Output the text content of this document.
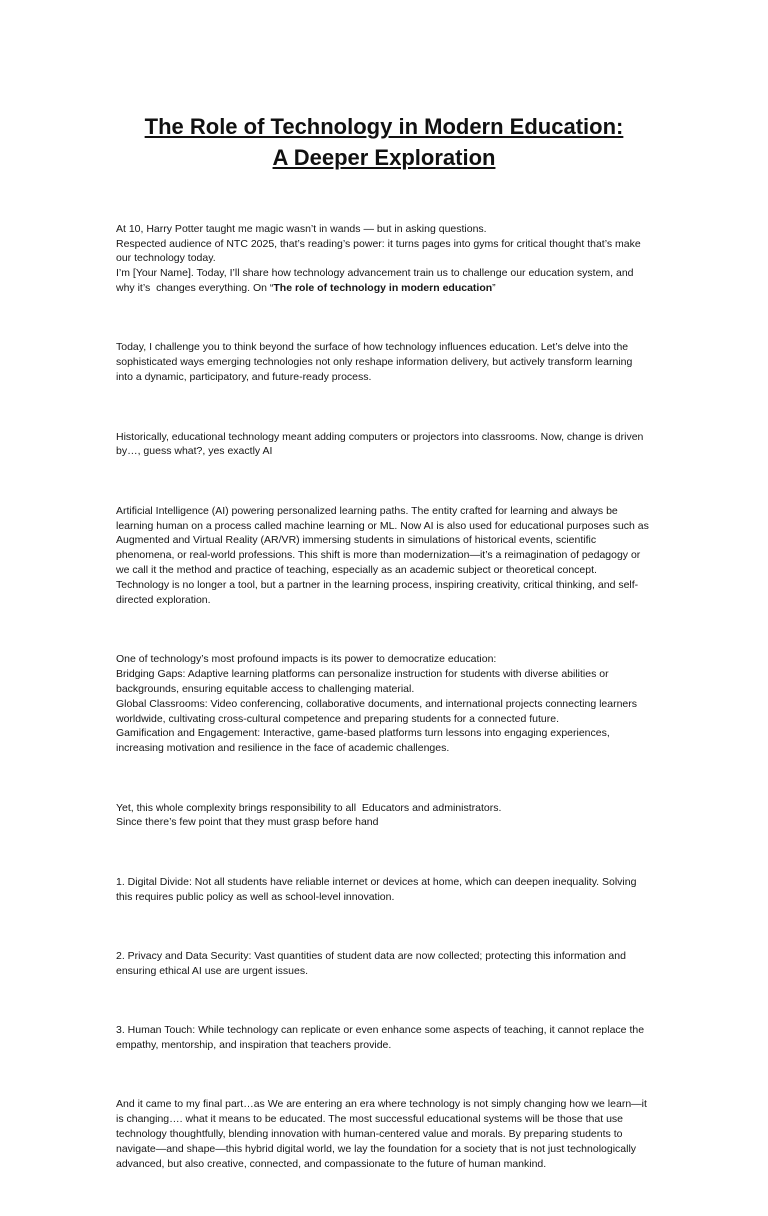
The Role of Technology in Modern Education:
A Deeper Exploration

At 10, Harry Potter taught me magic wasn’t in wands — but in asking questions.
Respected audience of NTC 2025, that’s reading’s power: it turns pages into gyms for critical thought that’s make our technology today.
I’m [Your Name]. Today, I’ll share how technology advancement train us to challenge our education system, and why it’s  changes everything. On “The role of technology in modern education”

Today, I challenge you to think beyond the surface of how technology influences education. Let’s delve into the sophisticated ways emerging technologies not only reshape information delivery, but actively transform learning into a dynamic, participatory, and future-ready process.

Historically, educational technology meant adding computers or projectors into classrooms. Now, change is driven by…, guess what?, yes exactly AI

Artificial Intelligence (AI) powering personalized learning paths. The entity crafted for learning and always be learning human on a process called machine learning or ML. Now AI is also used for educational purposes such as
Augmented and Virtual Reality (AR/VR) immersing students in simulations of historical events, scientific phenomena, or real-world professions. This shift is more than modernization—it’s a reimagination of pedagogy or we call it the method and practice of teaching, especially as an academic subject or theoretical concept. Technology is no longer a tool, but a partner in the learning process, inspiring creativity, critical thinking, and self-directed exploration.

One of technology’s most profound impacts is its power to democratize education:
Bridging Gaps: Adaptive learning platforms can personalize instruction for students with diverse abilities or backgrounds, ensuring equitable access to challenging material.
Global Classrooms: Video conferencing, collaborative documents, and international projects connecting learners worldwide, cultivating cross-cultural competence and preparing students for a connected future.
Gamification and Engagement: Interactive, game-based platforms turn lessons into engaging experiences, increasing motivation and resilience in the face of academic challenges.

Yet, this whole complexity brings responsibility to all  Educators and administrators.
Since there’s few point that they must grasp before hand

1. Digital Divide: Not all students have reliable internet or devices at home, which can deepen inequality. Solving this requires public policy as well as school-level innovation.

2. Privacy and Data Security: Vast quantities of student data are now collected; protecting this information and ensuring ethical AI use are urgent issues.

3. Human Touch: While technology can replicate or even enhance some aspects of teaching, it cannot replace the empathy, mentorship, and inspiration that teachers provide.

And it came to my final part…as We are entering an era where technology is not simply changing how we learn—it is changing…. what it means to be educated. The most successful educational systems will be those that use technology thoughtfully, blending innovation with human-centered value and morals. By preparing students to navigate—and shape—this hybrid digital world, we lay the foundation for a society that is not just technologically advanced, but also creative, connected, and compassionate to the future of human mankind.
